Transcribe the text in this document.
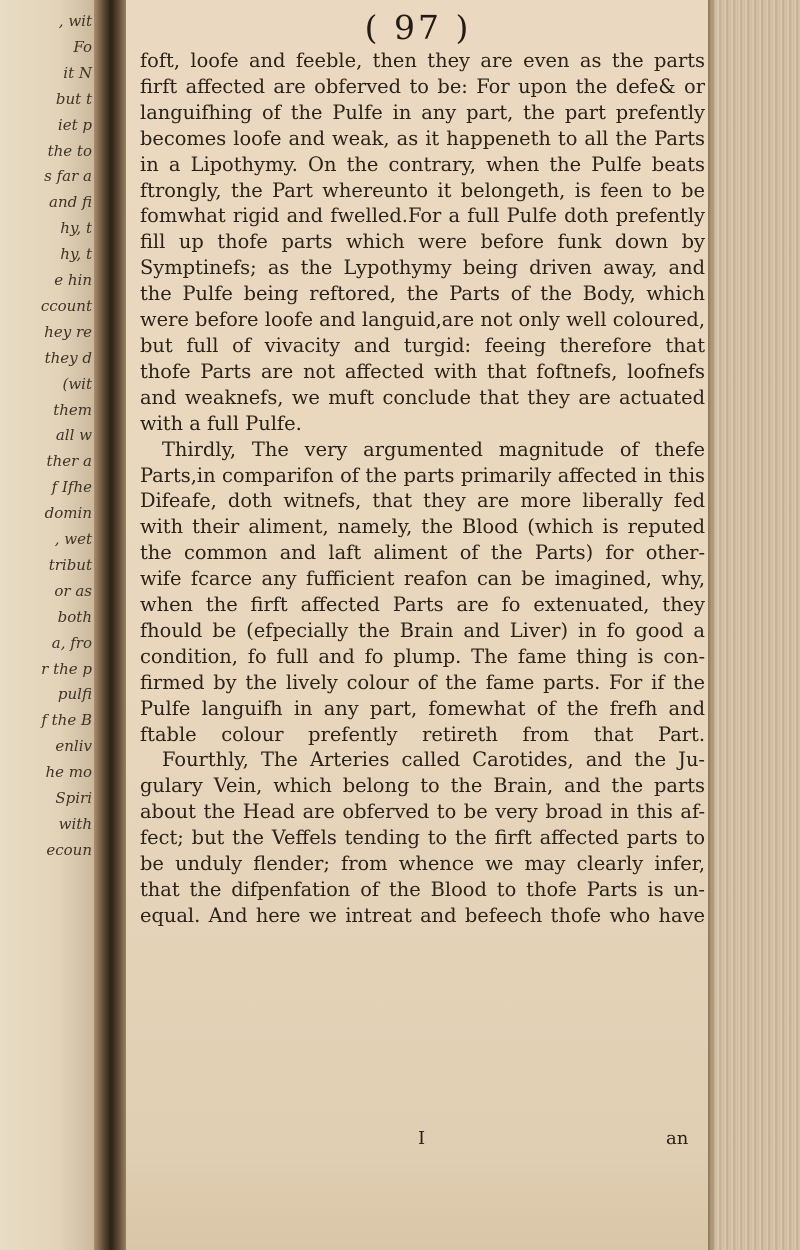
, wit
Fo
it N
but t
iet p
the to
s far a
and fi
hy, t
hy, t
e hin
ccount
hey re
they d
(wit
them
all w
ther a
f Ifhe
domin
, wet
tribut
or as
both
a, fro
r the p
pulfi
f the B
enliv
he mo
Spiri
with
ecoun
( 97 )
foft, loofe and feeble, then they are even as the parts
firft affected are obferved to be: For upon the defe& or
languifhing of the Pulfe in any part, the part prefently
becomes loofe and weak, as it happeneth to all the Parts
in a Lipothymy. On the contrary, when the Pulfe beats
ftrongly, the Part whereunto it belongeth, is feen to be
fomwhat rigid and fwelled.For a full Pulfe doth prefently
fill up thofe parts which were before funk down by
Symptinefs; as the Lypothymy being driven away, and
the Pulfe being reftored, the Parts of the Body, which
were before loofe and languid,are not only well coloured,
but full of vivacity and turgid: feeing therefore that
thofe Parts are not affected with that foftnefs, loofnefs
and weaknefs, we muft conclude that they are actuated
with a full Pulfe.
Thirdly, The very argumented magnitude of thefe
Parts,in comparifon of the parts primarily affected in this
Difeafe, doth witnefs, that they are more liberally fed
with their aliment, namely, the Blood (which is reputed
the common and laft aliment of the Parts) for other-
wife fcarce any fufficient reafon can be imagined, why,
when the firft affected Parts are fo extenuated, they
fhould be (efpecially the Brain and Liver) in fo good a
condition, fo full and fo plump. The fame thing is con-
firmed by the lively colour of the fame parts. For if the
Pulfe languifh in any part, fomewhat of the frefh and
ftable colour prefently retireth from that Part.
Fourthly, The Arteries called Carotides, and the Ju-
gulary Vein, which belong to the Brain, and the parts
about the Head are obferved to be very broad in this af-
fect; but the Veffels tending to the firft affected parts to
be unduly flender; from whence we may clearly infer,
that the difpenfation of the Blood to thofe Parts is un-
equal. And here we intreat and befeech thofe who have
I	an
